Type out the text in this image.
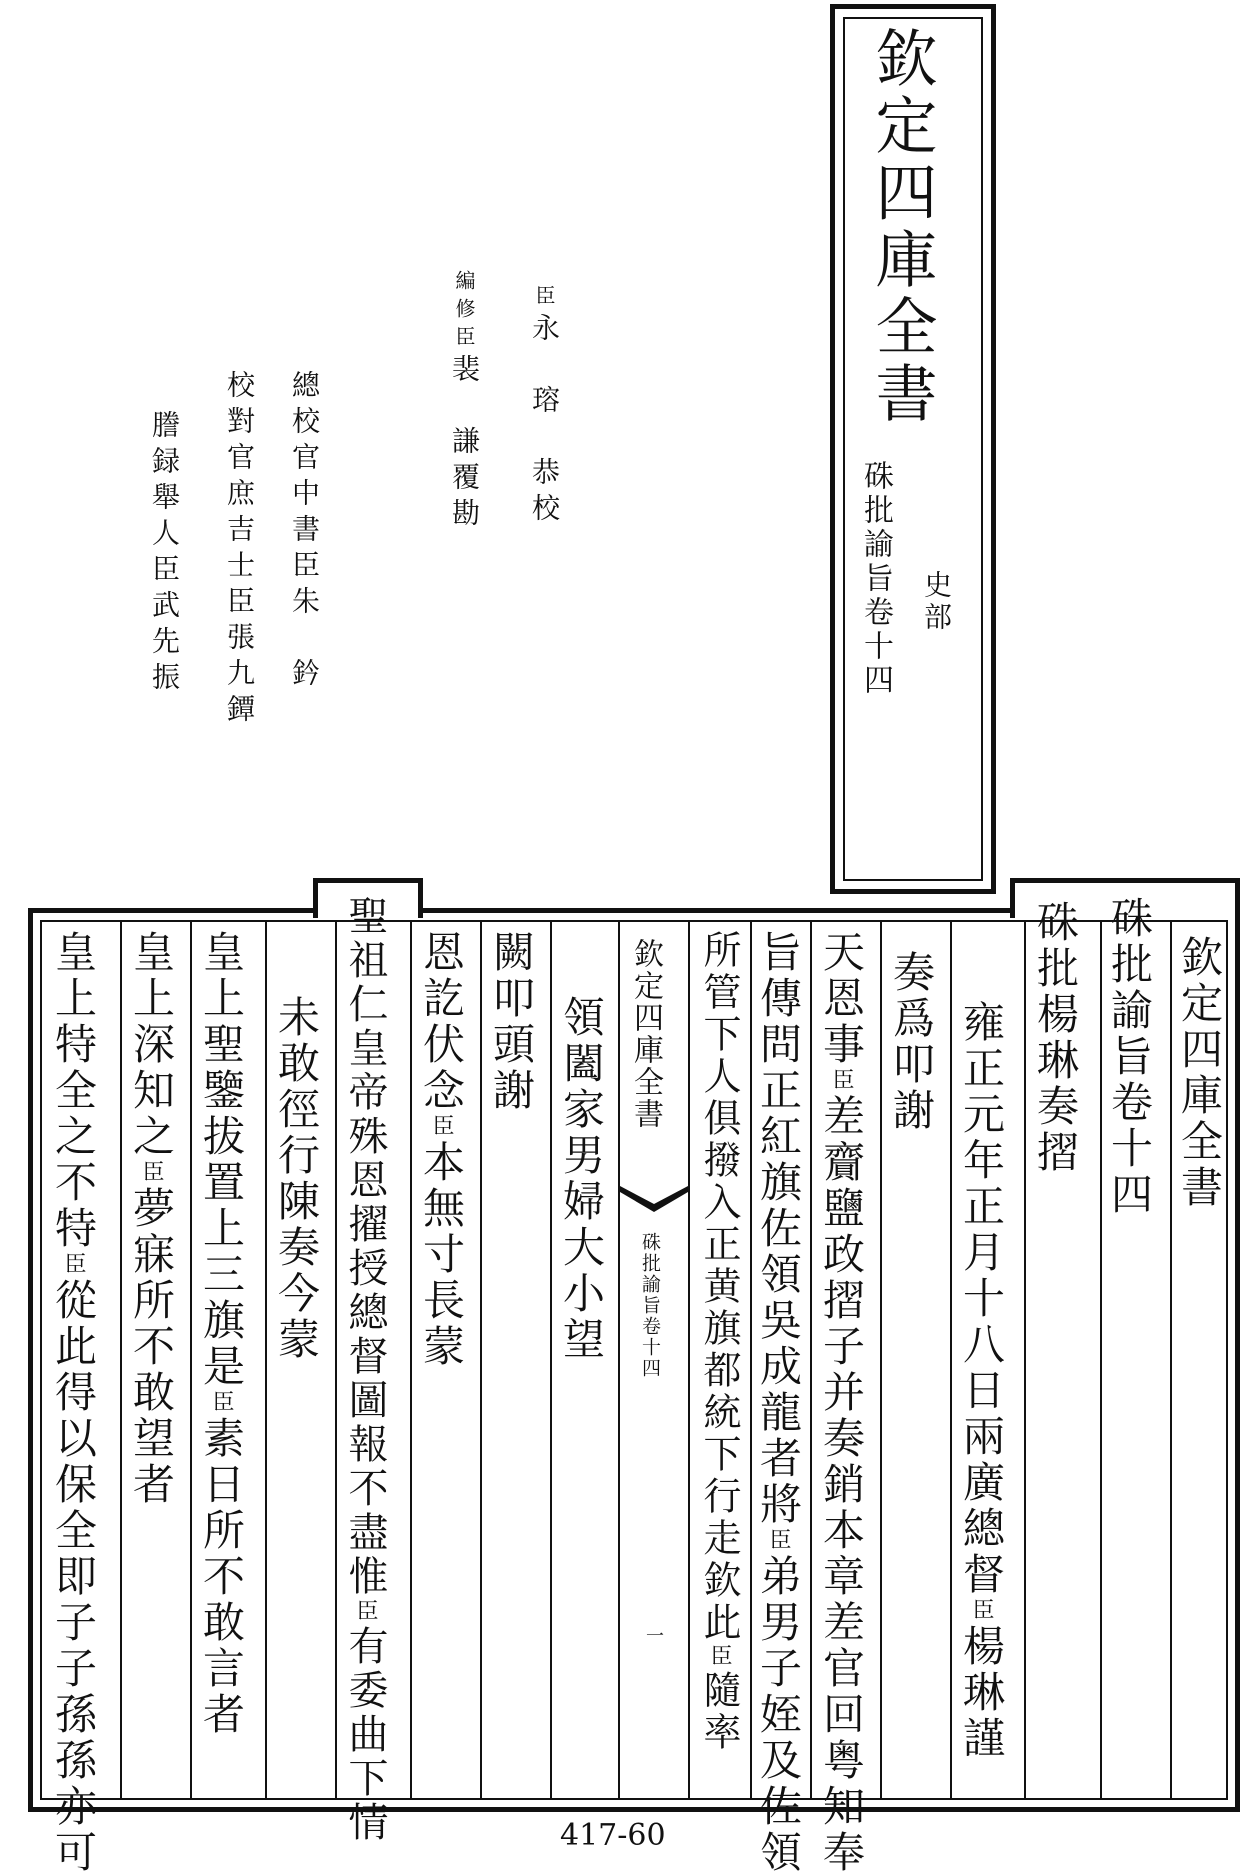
欽定四庫全書
硃批諭旨卷十四 史部
臣永　瑢　恭校
編修臣裴　謙覆勘
總校官中書臣朱　鈐
校對官庶吉士臣張九鐔
謄録舉人臣武先振
欽定四庫全書
硃批諭旨卷十四
一
欽定四庫全書
硃批諭旨卷十四
硃批楊琳奏摺
雍正元年正月十八日兩廣總督臣楊琳謹
奏爲叩謝
天恩事臣差齎鹽政摺子并奏銷本章差官回粤知奉
旨傳問正紅旗佐領吳成龍者將臣弟男子姪及佐領
所管下人俱撥入正黄旗都統下行走欽此臣隨率
領闔家男婦大小望
闕叩頭謝
恩訖伏念臣本無寸長蒙
聖祖仁皇帝殊恩擢授總督圖報不盡惟臣有委曲下情
未敢徑行陳奏今蒙
皇上聖鑒拔置上三旗是臣素日所不敢言者
皇上深知之臣夢寐所不敢望者
皇上特全之不特臣從此得以保全即子子孫孫亦可	417-60
